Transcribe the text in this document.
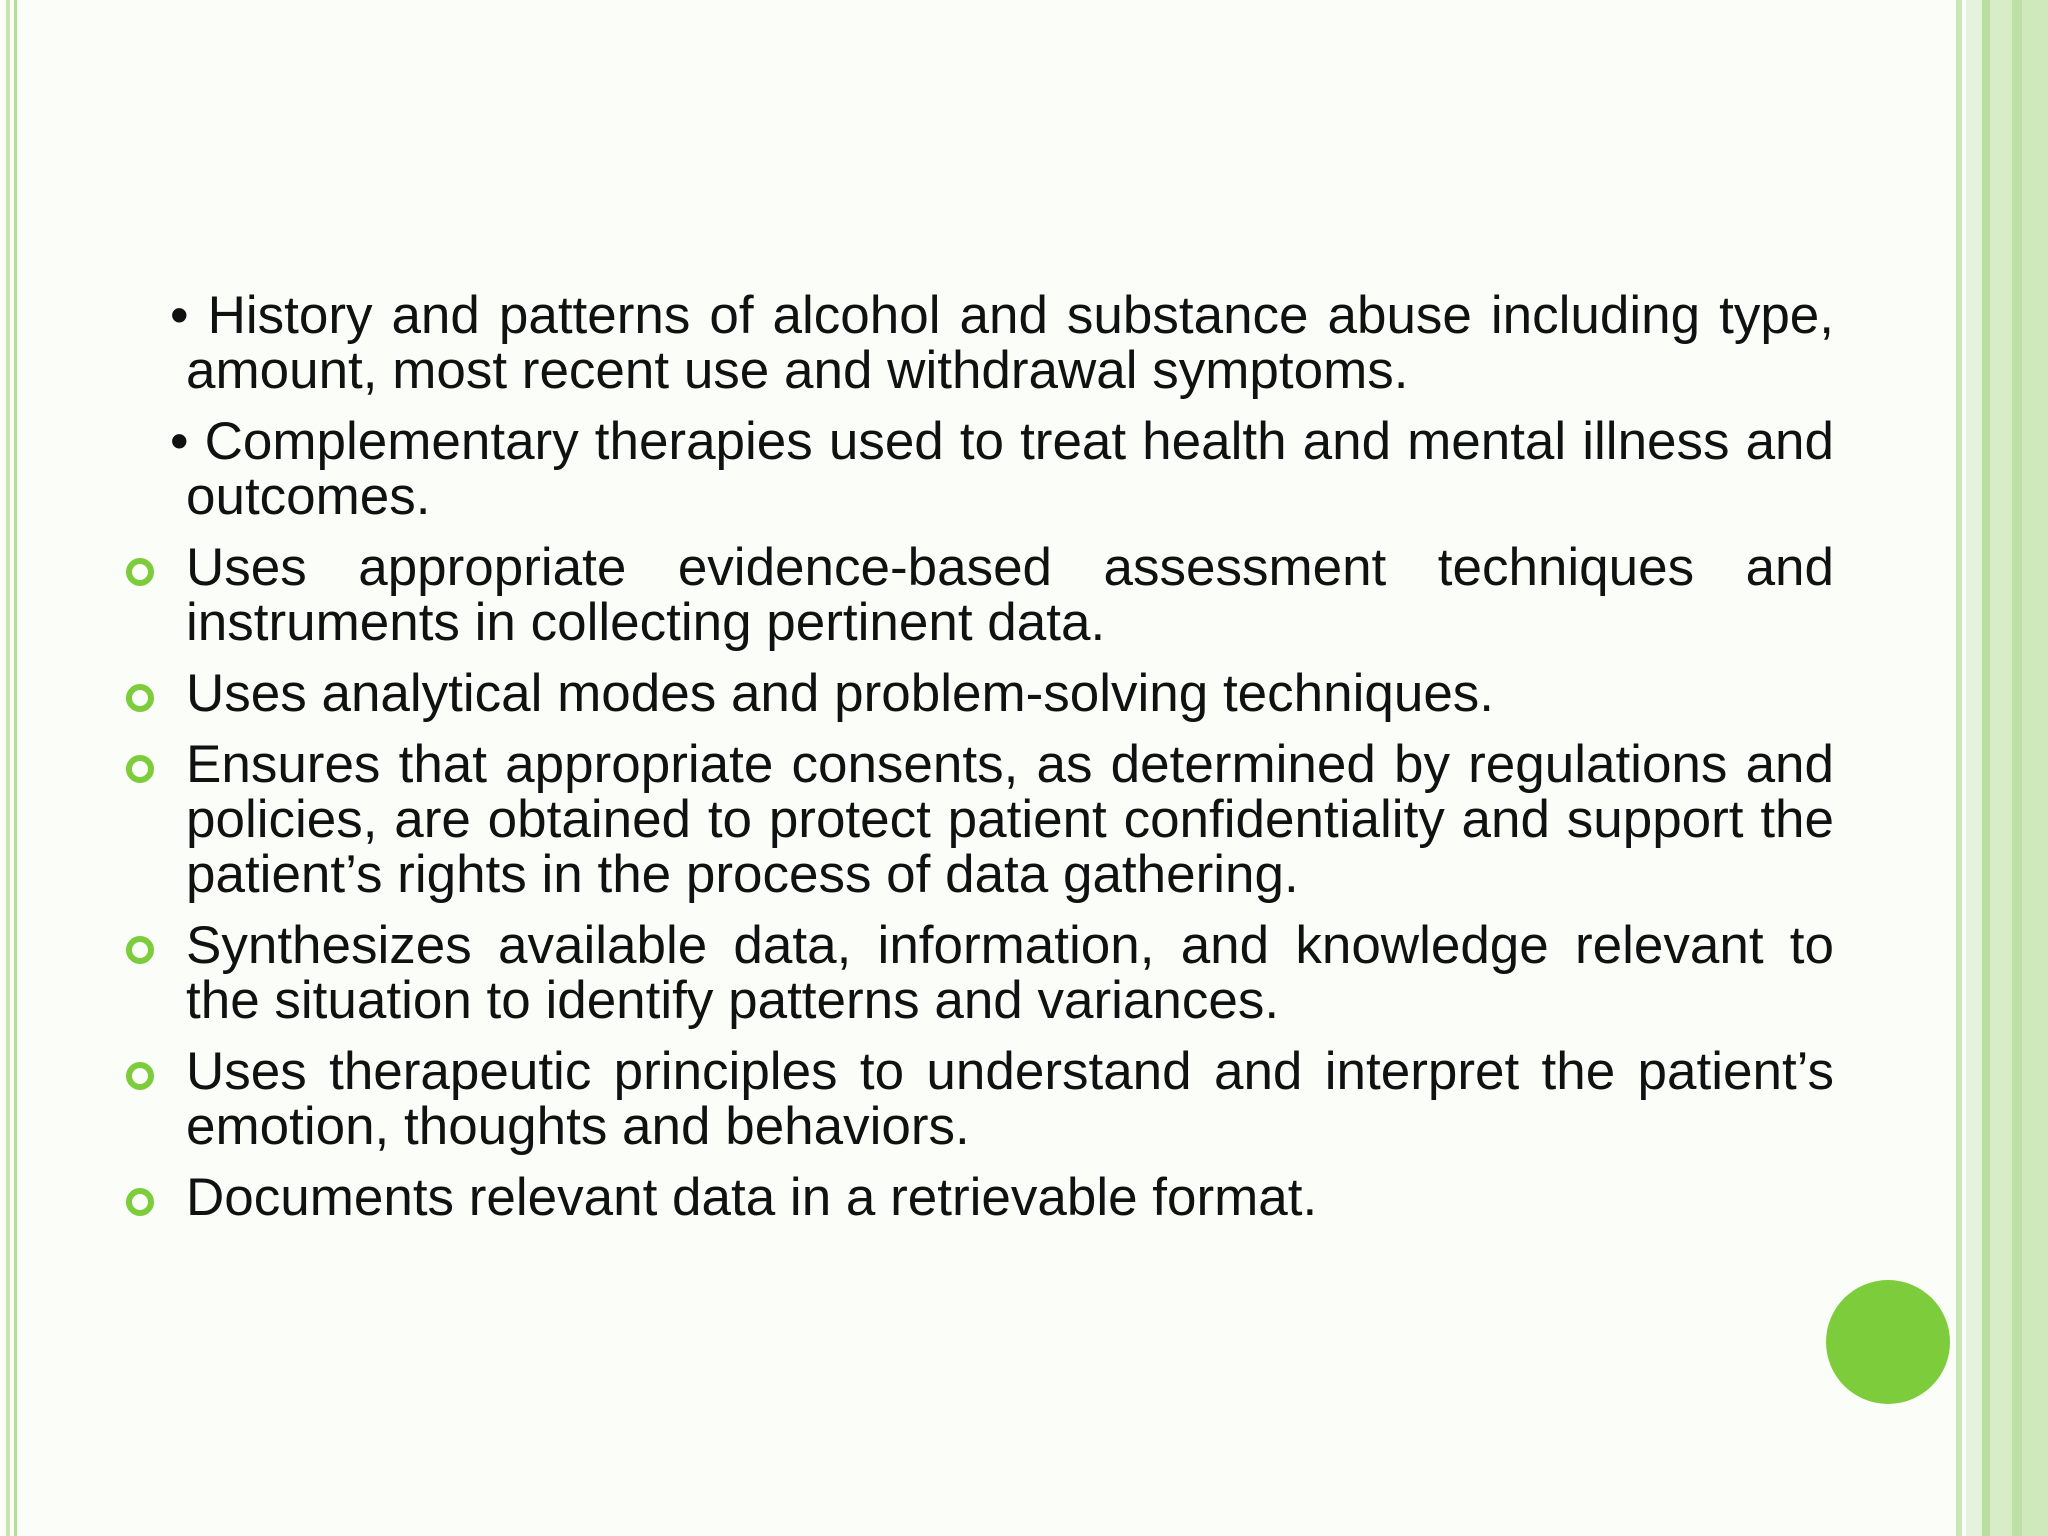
• History and patterns of alcohol and substance abuse including type, amount, most recent use and withdrawal symptoms.
• Complementary therapies used to treat health and mental illness and outcomes.
Uses appropriate evidence-based assessment techniques and instruments in collecting pertinent data.
Uses analytical modes and problem-solving techniques.
Ensures that appropriate consents, as determined by regulations and policies, are obtained to protect patient confidentiality and support the patient’s rights in the process of data gathering.
Synthesizes available data, information, and knowledge relevant to the situation to identify patterns and variances.
Uses therapeutic principles to understand and interpret the patient’s emotion, thoughts and behaviors.
Documents relevant data in a retrievable format.
